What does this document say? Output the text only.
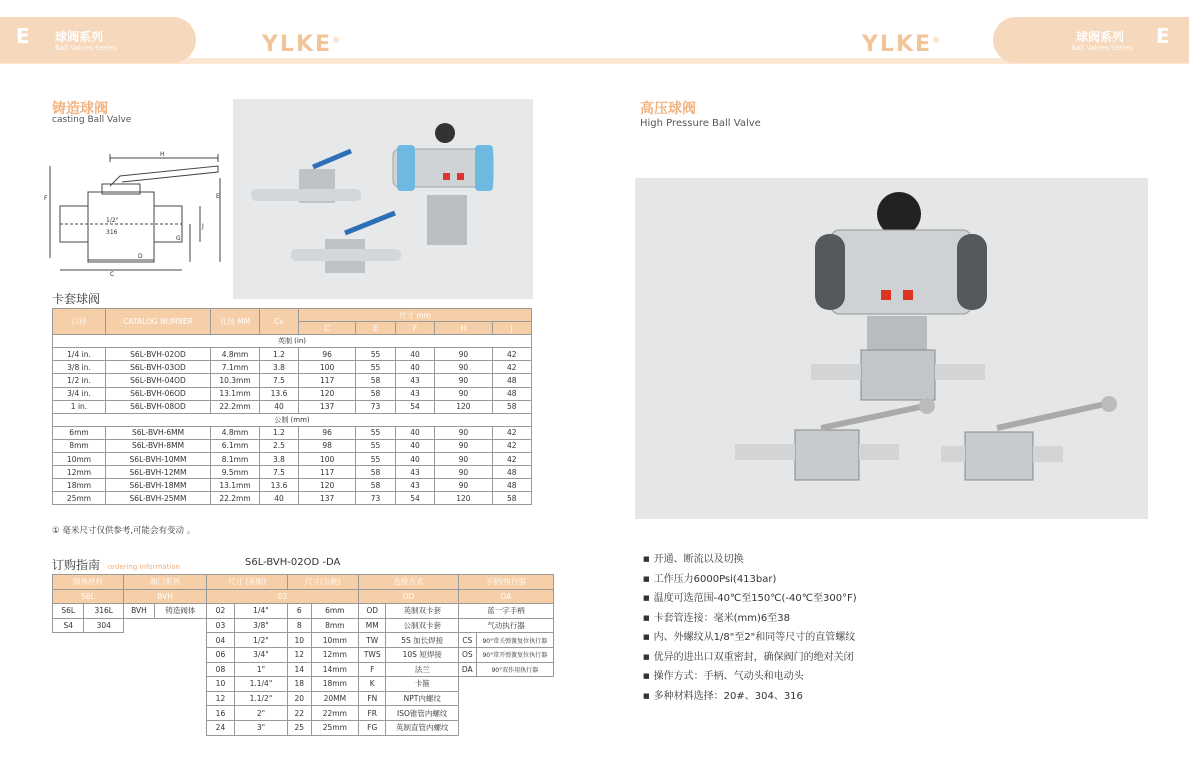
E 球阀系列
Ball Valves Series	YLKE®	YLKE®	球阀系列
Ball Valves Series E
铸造球阀
casting Ball Valve
H
F	E
J
G
D
C
1/2"
316
卡套球阀
口径	CATALOG NUMBER	孔径 MM	Cv	尺寸 mm				
				C	E	F	H	J
英制 (in)								
1/4 in.	S6L-BVH-02OD	4.8mm	1.2	96	55	40	90	42
3/8 in.	S6L-BVH-03OD	7.1mm	3.8	100	55	40	90	42
1/2 in.	S6L-BVH-04OD	10.3mm	7.5	117	58	43	90	48
3/4 in.	S6L-BVH-06OD	13.1mm	13.6	120	58	43	90	48
1 in.	S6L-BVH-08OD	22.2mm	40	137	73	54	120	58
公制 (mm)								
6mm	S6L-BVH-6MM	4.8mm	1.2	96	55	40	90	42
8mm	S6L-BVH-8MM	6.1mm	2.5	98	55	40	90	42
10mm	S6L-BVH-10MM	8.1mm	3.8	100	55	40	90	42
12mm	S6L-BVH-12MM	9.5mm	7.5	117	58	43	90	48
18mm	S6L-BVH-18MM	13.1mm	13.6	120	58	43	90	48
25mm	S6L-BVH-25MM	22.2mm	40	137	73	54	120	58
① 毫米尺寸仅供参考,可能会有变动 。
订购指南 ordering information	S6L-BVH-02OD -DA
阀体材料		阀门系列		尺寸 (英制)		尺寸(公制)		连接方式		手柄/执行器	
S6L		BVH		02				OD		DA	
S6L	316L	BVH	铸造阀体	02	1/4"	6	6mm	OD	英制双卡套	蓝一字手柄	
S4	304			03	3/8"	8	8mm	MM	公制双卡套	气动执行器	
				04	1/2"	10	10mm	TW	5S 加长焊接	CS	90°常关弹簧复位执行器
				06	3/4"	12	12mm	TWS	10S 短焊接	OS	90°常开弹簧复位执行器
				08	1"	14	14mm	F	法兰	DA	90°双作用执行器
				10	1.1/4"	18	18mm	K	卡箍		
				12	1.1/2"	20	20MM	FN	NPT内螺纹		
				16	2"	22	22mm	FR	ISO锥管内螺纹		
				24	3"	25	25mm	FG	英制直管内螺纹		
高压球阀
High Pressure Ball Valve
■ 开通、断流以及切换
■ 工作压力6000Psi(413bar)
■ 温度可选范围-40℃至150℃(-40℃至300°F)
■ 卡套管连接：毫米(mm)6至38
■ 内、外螺纹从1/8"至2"和同等尺寸的直管螺纹
■ 优异的进出口双重密封，确保阀门的绝对关闭
■ 操作方式：手柄、气动头和电动头
■ 多种材料选择：20#、304、316
